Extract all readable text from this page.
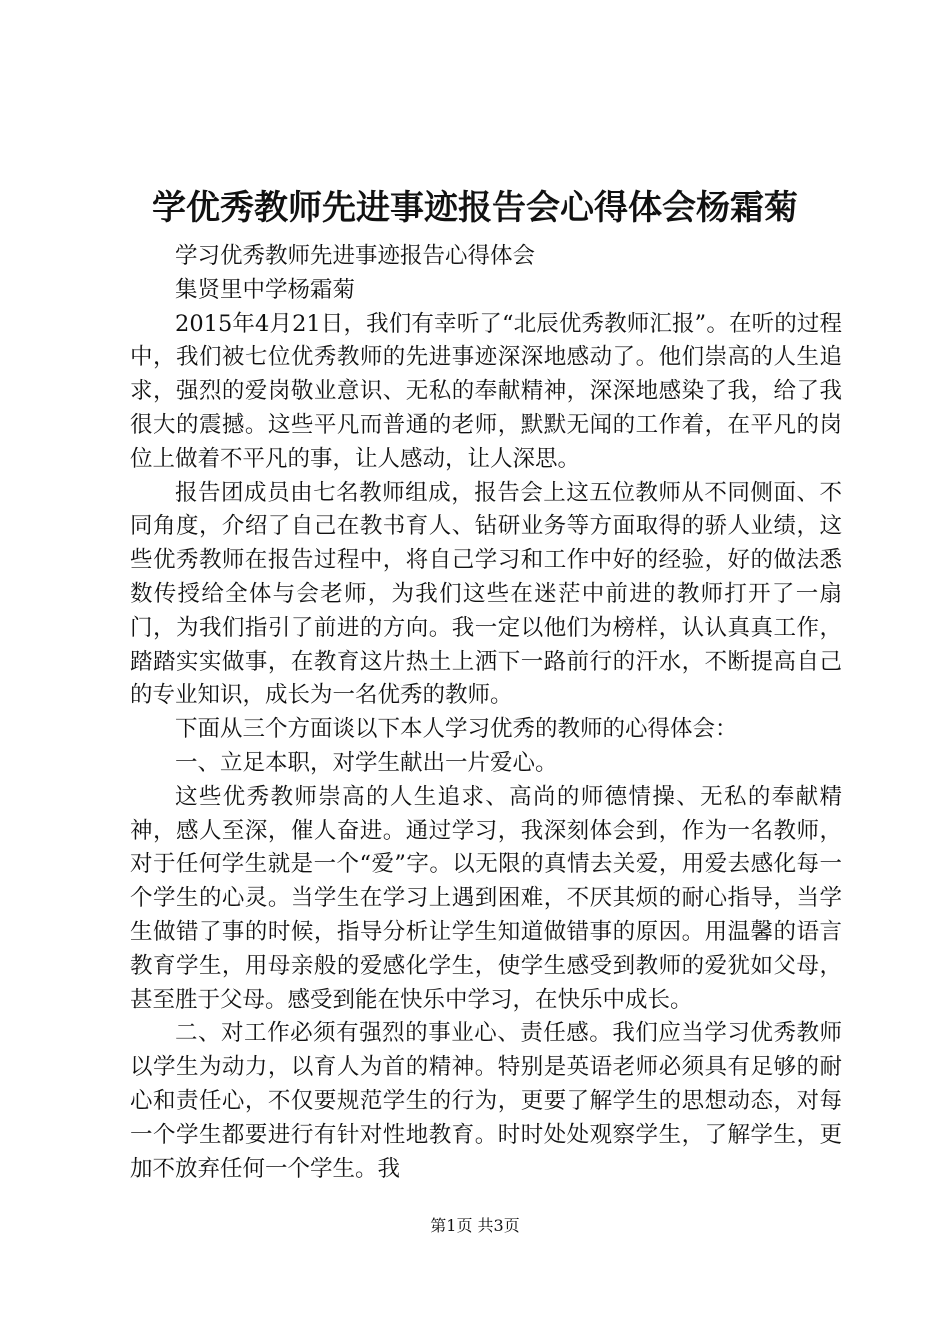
学优秀教师先进事迹报告会心得体会杨霜菊

学习优秀教师先进事迹报告心得体会

集贤里中学杨霜菊

2015年4月21日，我们有幸听了“北辰优秀教师汇报”。在听的过程中，我们被七位优秀教师的先进事迹深深地感动了。他们崇高的人生追求，强烈的爱岗敬业意识、无私的奉献精神，深深地感染了我，给了我很大的震撼。这些平凡而普通的老师，默默无闻的工作着，在平凡的岗位上做着不平凡的事，让人感动，让人深思。

报告团成员由七名教师组成，报告会上这五位教师从不同侧面、不同角度，介绍了自己在教书育人、钻研业务等方面取得的骄人业绩，这些优秀教师在报告过程中，将自己学习和工作中好的经验，好的做法悉数传授给全体与会老师，为我们这些在迷茫中前进的教师打开了一扇门，为我们指引了前进的方向。我一定以他们为榜样，认认真真工作，踏踏实实做事，在教育这片热土上洒下一路前行的汗水，不断提高自己的专业知识，成长为一名优秀的教师。

下面从三个方面谈以下本人学习优秀的教师的心得体会：

一、立足本职，对学生献出一片爱心。

这些优秀教师崇高的人生追求、高尚的师德情操、无私的奉献精神，感人至深，催人奋进。通过学习，我深刻体会到，作为一名教师，对于任何学生就是一个“爱”字。以无限的真情去关爱，用爱去感化每一个学生的心灵。当学生在学习上遇到困难，不厌其烦的耐心指导，当学生做错了事的时候，指导分析让学生知道做错事的原因。用温馨的语言教育学生，用母亲般的爱感化学生，使学生感受到教师的爱犹如父母，甚至胜于父母。感受到能在快乐中学习，在快乐中成长。

二、对工作必须有强烈的事业心、责任感。我们应当学习优秀教师以学生为动力，以育人为首的精神。特别是英语老师必须具有足够的耐心和责任心，不仅要规范学生的行为，更要了解学生的思想动态，对每一个学生都要进行有针对性地教育。时时处处观察学生，了解学生，更加不放弃任何一个学生。我

第1页 共3页
